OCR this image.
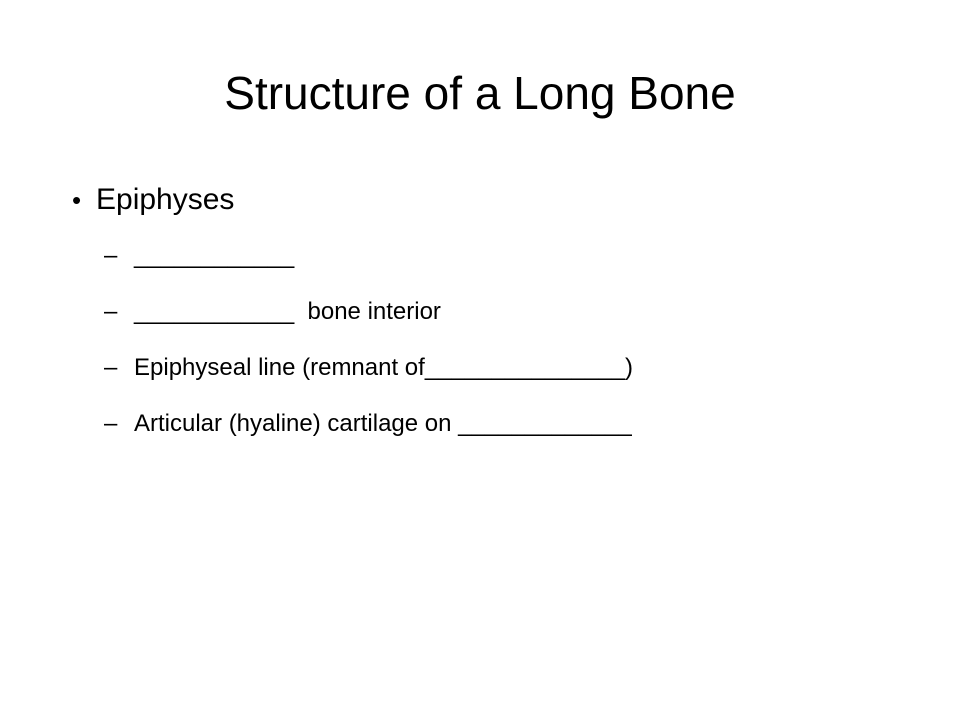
Structure of a Long Bone
• Epiphyses
– ____________
– ____________  bone interior
– Epiphyseal line (remnant of_______________)
– Articular (hyaline) cartilage on _____________
